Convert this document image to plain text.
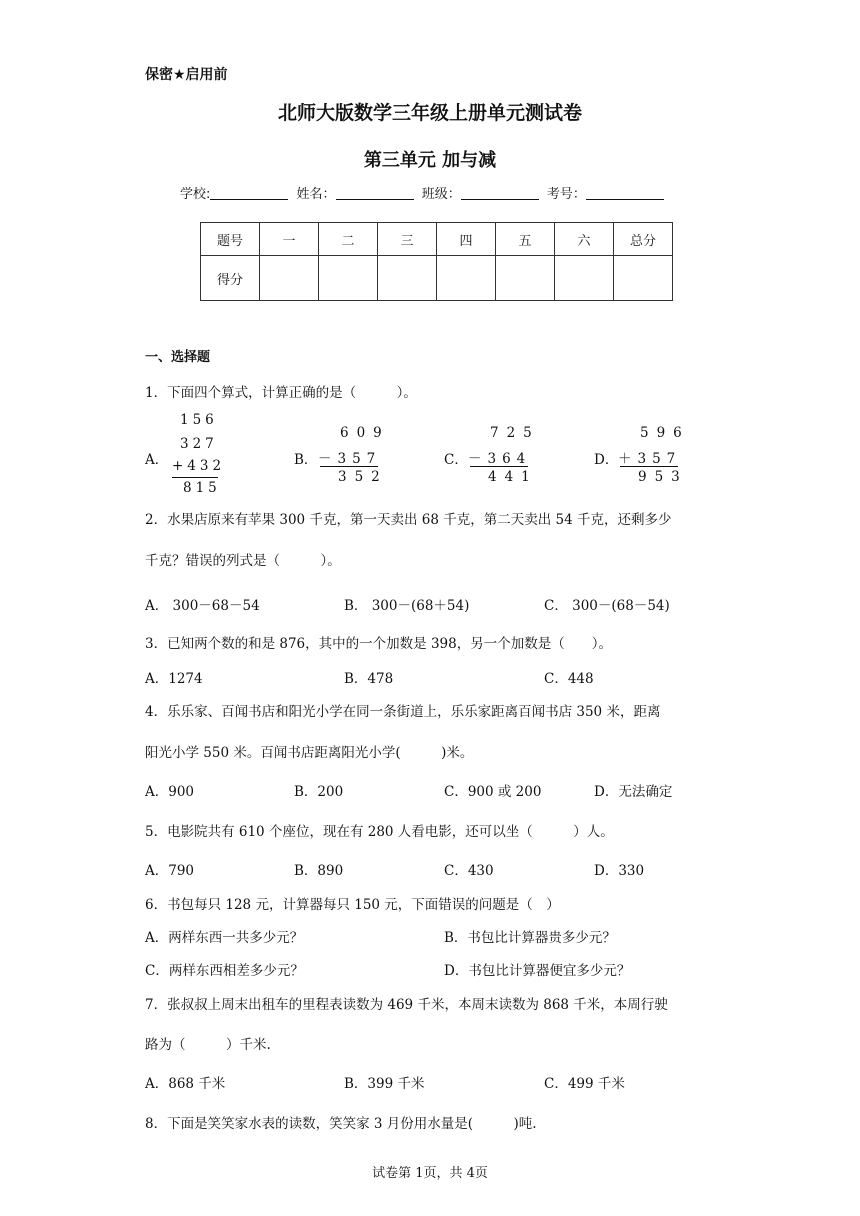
保密★启用前
北师大版数学三年级上册单元测试卷
第三单元 加与减
学校:	姓名：	班级：	考号：
题号	一	二	三	四	五	六	总分
得分							
一、选择题
1．下面四个算式，计算正确的是（　　　）。
A．
156
327
+432
815
B．
609
－357
352
C．
725
－364
441
D．
596
＋357
953
2．水果店原来有苹果 300 千克，第一天卖出 68 千克，第二天卖出 54 千克，还剩多少
千克？错误的列式是（　　　）。
A． 300－68－54	B． 300－(68＋54)	C． 300－(68－54)
3．已知两个数的和是 876，其中的一个加数是 398，另一个加数是（　　）。
A．1274	B．478	C．448
4．乐乐家、百闻书店和阳光小学在同一条街道上，乐乐家距离百闻书店 350 米，距离
阳光小学 550 米。百闻书店距离阳光小学(　　　)米。
A．900	B．200	C．900 或 200	D．无法确定
5．电影院共有 610 个座位，现在有 280 人看电影，还可以坐（　　　）人。
A．790	B．890	C．430	D．330
6．书包每只 128 元，计算器每只 150 元，下面错误的问题是（　）
A．两样东西一共多少元？	B．书包比计算器贵多少元？
C．两样东西相差多少元？	D．书包比计算器便宜多少元？
7．张叔叔上周末出租车的里程表读数为 469 千米，本周末读数为 868 千米，本周行驶
路为（　　　）千米.
A．868 千米	B．399 千米	C．499 千米
8．下面是笑笑家水表的读数，笑笑家 3 月份用水量是(　　　)吨.
试卷第 1页，共 4页
